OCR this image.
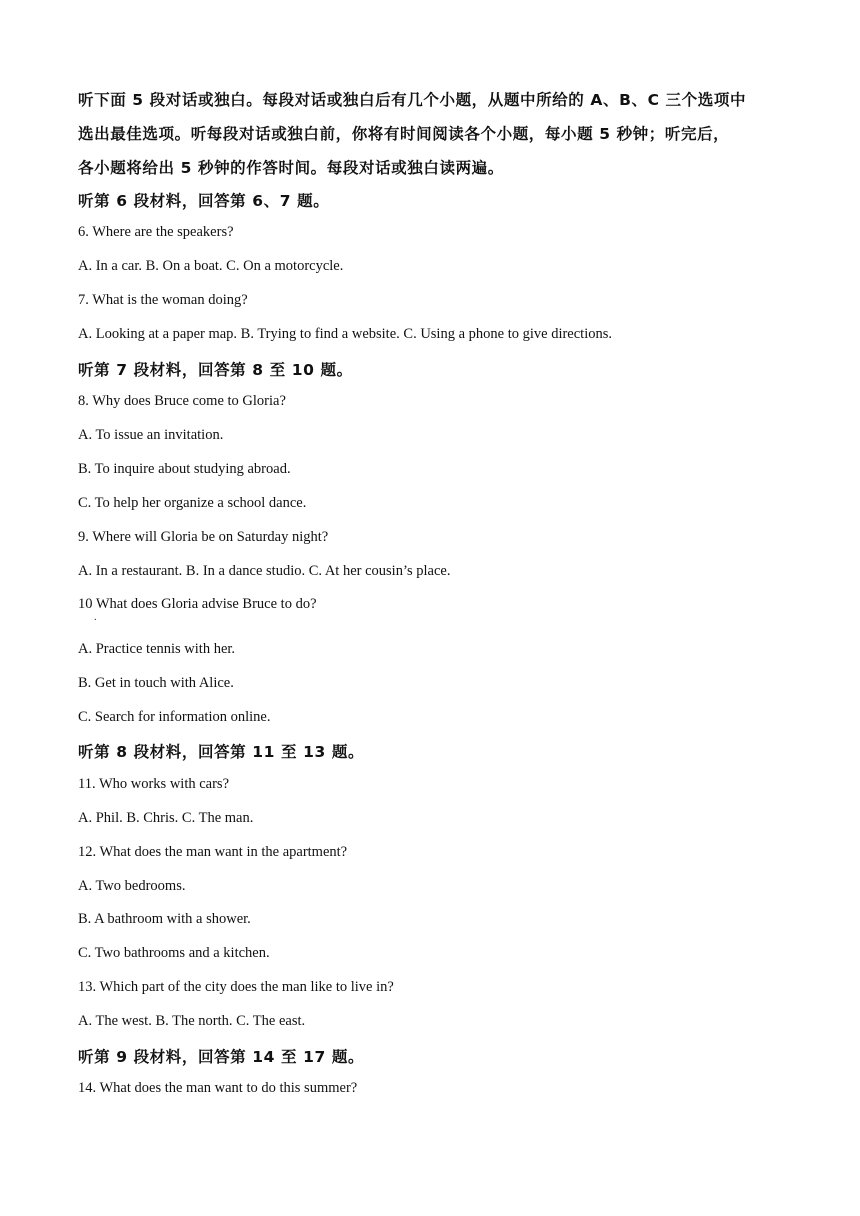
听下面 5 段对话或独白。每段对话或独白后有几个小题，从题中所给的 A、B、C 三个选项中
选出最佳选项。听每段对话或独白前，你将有时间阅读各个小题，每小题 5 秒钟；听完后，
各小题将给出 5 秒钟的作答时间。每段对话或独白读两遍。
听第 6 段材料，回答第 6、7 题。
6. Where are the speakers?
A. In a car. B. On a boat. C. On a motorcycle.
7. What is the woman doing?
A. Looking at a paper map. B. Trying to find a website. C. Using a phone to give directions.
听第 7 段材料，回答第 8 至 10 题。
8. Why does Bruce come to Gloria?
A. To issue an invitation.
B. To inquire about studying abroad.
C. To help her organize a school dance.
9. Where will Gloria be on Saturday night?
A. In a restaurant. B. In a dance studio. C. At her cousin’s place.
10 What does Gloria advise Bruce to do?
.
A. Practice tennis with her.
B. Get in touch with Alice.
C. Search for information online.
听第 8 段材料，回答第 11 至 13 题。
11. Who works with cars?
A. Phil. B. Chris. C. The man.
12. What does the man want in the apartment?
A. Two bedrooms.
B. A bathroom with a shower.
C. Two bathrooms and a kitchen.
13. Which part of the city does the man like to live in?
A. The west. B. The north. C. The east.
听第 9 段材料，回答第 14 至 17 题。
14. What does the man want to do this summer?
